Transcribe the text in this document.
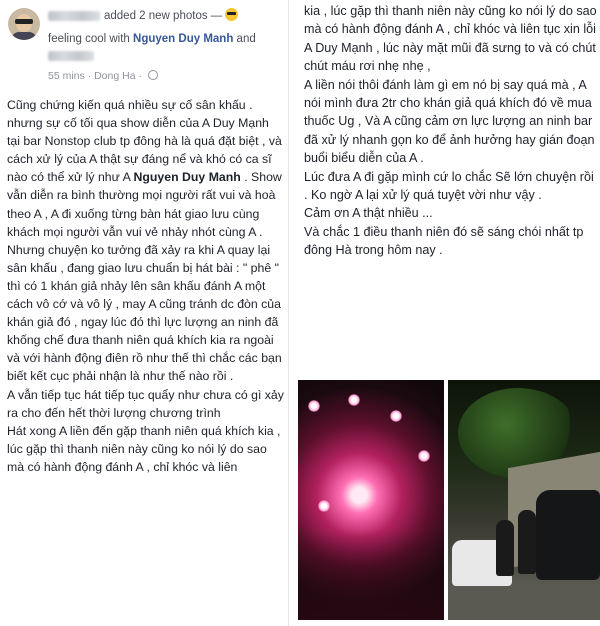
added 2 new photos —
feeling cool with Nguyen Duy Manh and
55 mins · Dong Ha ·

Cũng chứng kiến quá nhiều sự cố sân khấu .

nhưng sự cố tối qua show diễn của A Duy Mạnh tại bar Nonstop club tp đông hà là quá đặt biệt , và cách xử lý của A thật sự đáng nể và khó có ca sĩ nào có thể xử lý như A Nguyen Duy Manh . Show vẫn diễn ra bình thường mọi người rất vui và hoà theo A , A đi xuống từng bàn hát giao lưu cùng khách mọi người vẫn vui vẻ nhảy nhót cùng A . Nhưng chuyện ko tưởng đã xảy ra khi A quay lại sân khấu , đang giao lưu chuẩn bị hát bài : " phê " thì có 1 khán giả nhảy lên sân khấu đánh A một cách vô cớ và vô lý , may A cũng tránh dc đòn của khán giả đó , ngay lúc đó thì lực lượng an ninh đã khống chế đưa thanh niên quá khích kia ra ngoài và với hành động điên rồ như thế thì chắc các bạn biết kết cục phải nhận là như thế nào rồi .

A vẫn tiếp tục hát tiếp tục quẩy như chưa có gì xảy ra cho đến hết thời lượng chương trình

Hát xong A liền đến gặp thanh niên quá khích kia , lúc gặp thì thanh niên này cũng ko nói lý do sao mà có hành động đánh A , chỉ khóc và liên

kia , lúc gặp thì thanh niên này cũng ko nói lý do sao mà có hành động đánh A , chỉ khóc và liên tục xin lỗi A Duy Mạnh , lúc này mặt mũi đã sưng to và có chút chút máu rơi nhẹ nhẹ ,

A liền nói thôi đánh làm gì em nó bị say quá mà , A nói mình đưa 2tr cho khán giả quá khích đó về mua thuốc Ug , Và A cũng cảm ơn lực lượng an ninh bar đã xử lý nhanh gọn ko để ảnh hưởng hay gián đoạn buổi biểu diễn của A .

Lúc đưa A đi gặp mình cứ lo chắc Sẽ lớn chuyện rồi . Ko ngờ A lại xử lý quá tuyệt vời như vậy .

Cảm ơn A thật nhiều ...

Và chắc 1 điều thanh niên đó sẽ sáng chói nhất tp đông Hà trong hôm nay .
